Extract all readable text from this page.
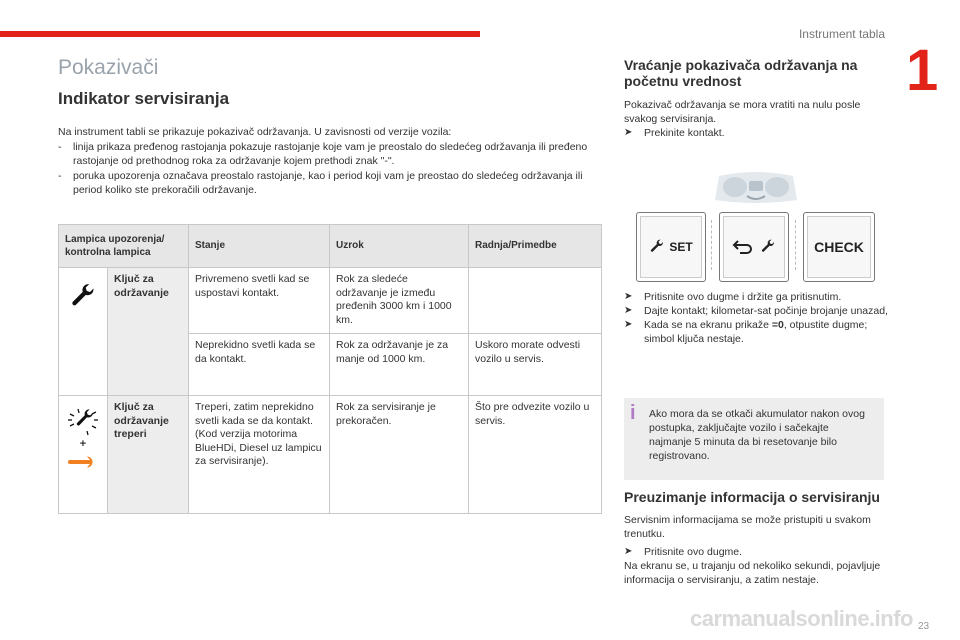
Instrument tabla
1
Pokazivači
Indikator servisiranja

Na instrument tabli se prikazuje pokazivač održavanja. U zavisnosti od verzije vozila:

- linija prikaza pređenog rastojanja pokazuje rastojanje koje vam je preostalo do sledećeg održavanja ili pređeno rastojanje od prethodnog roka za održavanje kojem prethodi znak "-".

- poruka upozorenja označava preostalo rastojanje, kao i period koji vam je preostao do sledećeg održavanja ili period koliko ste prekoračili održavanje.

Lampica upozorenja/ kontrolna lampica		Stanje	Uzrok	Radnja/Primedbe

	Ključ za održavanje	Privremeno svetli kad se uspostavi kontakt.	Rok za sledeće održavanje je između pređenih 3000 km i 1000 km.	
		Neprekidno svetli kada se da kontakt.	Rok za održavanje je za manje od 1000 km.	Uskoro morate odvesti vozilo u servis.

+	Ključ za održavanje treperi	Treperi, zatim neprekidno svetli kada se da kontakt.
(Kod verzija motorima BlueHDi, Diesel uz lampicu za servisiranje).	Rok za servisiranje je prekoračen.	Što pre odvezite vozilo u servis.
Vraćanje pokazivača održavanja na početnu vrednost

Pokazivač održavanja se mora vratiti na nulu posle svakog servisiranja.

➤ Prekinite kontakt.

SET	CHECK

➤ Pritisnite ovo dugme i držite ga pritisnutim.

➤ Dajte kontakt; kilometar-sat počinje brojanje unazad,

➤ Kada se na ekranu prikaže =0, otpustite dugme; simbol ključa nestaje.

i Ako mora da se otkači akumulator nakon ovog postupka, zaključajte vozilo i sačekajte najmanje 5 minuta da bi resetovanje bilo registrovano.
Preuzimanje informacija o servisiranju

Servisnim informacijama se može pristupiti u svakom trenutku.

➤ Pritisnite ovo dugme.

Na ekranu se, u trajanju od nekoliko sekundi, pojavljuje informacija o servisiranju, a zatim nestaje.

carmanualsonline.info 23
